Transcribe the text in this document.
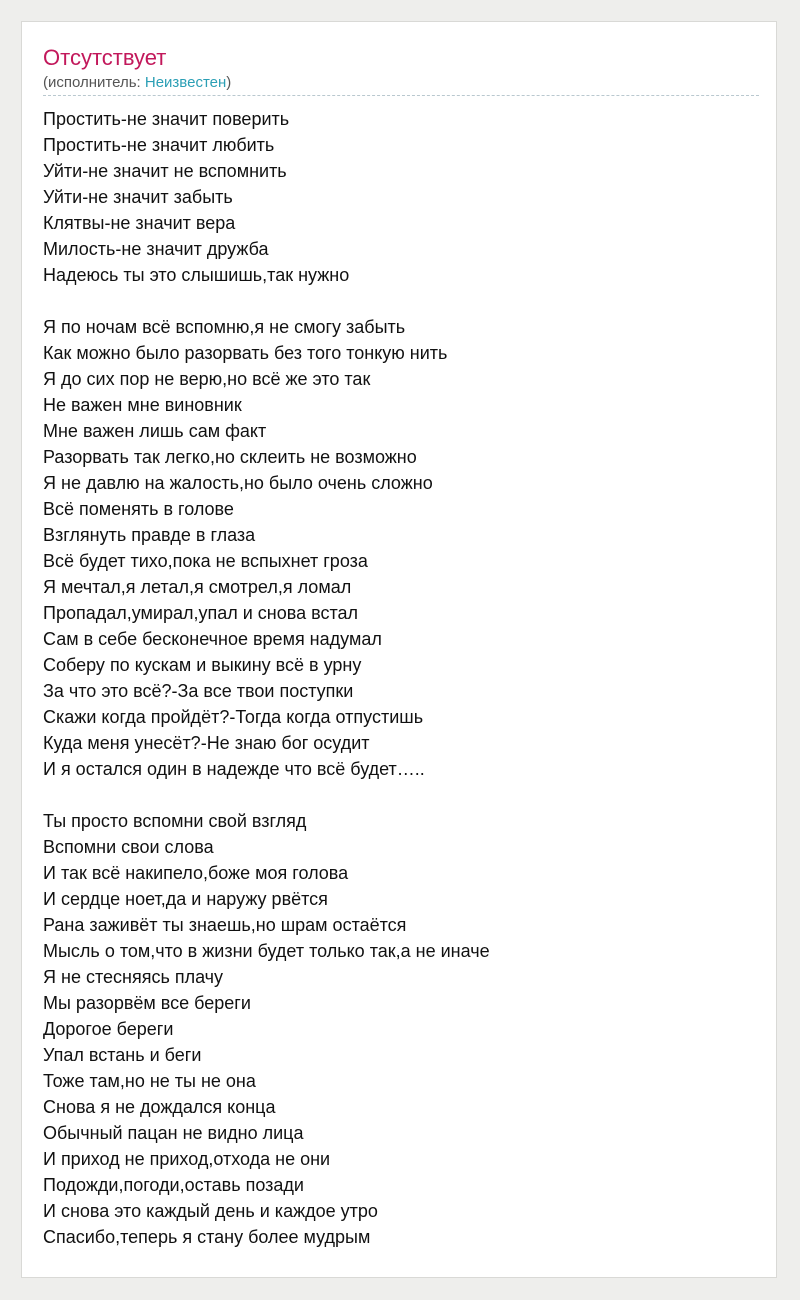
Отсутствует
(исполнитель: Неизвестен)
Простить-не значит поверить
Простить-не значит любить
Уйти-не значит не вспомнить
Уйти-не значит забыть
Клятвы-не значит вера
Милость-не значит дружба
Надеюсь ты это слышишь,так нужно
Я по ночам всё вспомню,я не смогу забыть
Как можно было разорвать без того тонкую нить
Я до сих пор не верю,но всё же это так
Не важен мне виновник
Мне важен лишь сам факт
Разорвать так легко,но склеить не возможно
Я не давлю на жалость,но было очень сложно
Всё поменять в голове
Взглянуть правде в глаза
Всё будет тихо,пока не вспыхнет гроза
Я мечтал,я летал,я смотрел,я ломал
Пропадал,умирал,упал и снова встал
Сам в себе бесконечное время надумал
Соберу по кускам и выкину всё в урну
За что это всё?-За все твои поступки
Скажи когда пройдёт?-Тогда когда отпустишь
Куда меня унесёт?-Не знаю бог осудит
И я остался один в надежде что всё будет…..
Ты просто вспомни свой взгляд
Вспомни свои слова
И так всё накипело,боже моя голова
И сердце ноет,да и наружу рвётся
Рана заживёт ты знаешь,но шрам остаётся
Мысль о том,что в жизни будет только так,а не иначе
Я не стесняясь плачу
Мы разорвём все береги
Дорогое береги
Упал встань и беги
Тоже там,но не ты не она
Снова я не дождался конца
Обычный пацан не видно лица
И приход не приход,отхода не они
Подожди,погоди,оставь позади
И снова это каждый день и каждое утро
Спасибо,теперь я стану более мудрым
